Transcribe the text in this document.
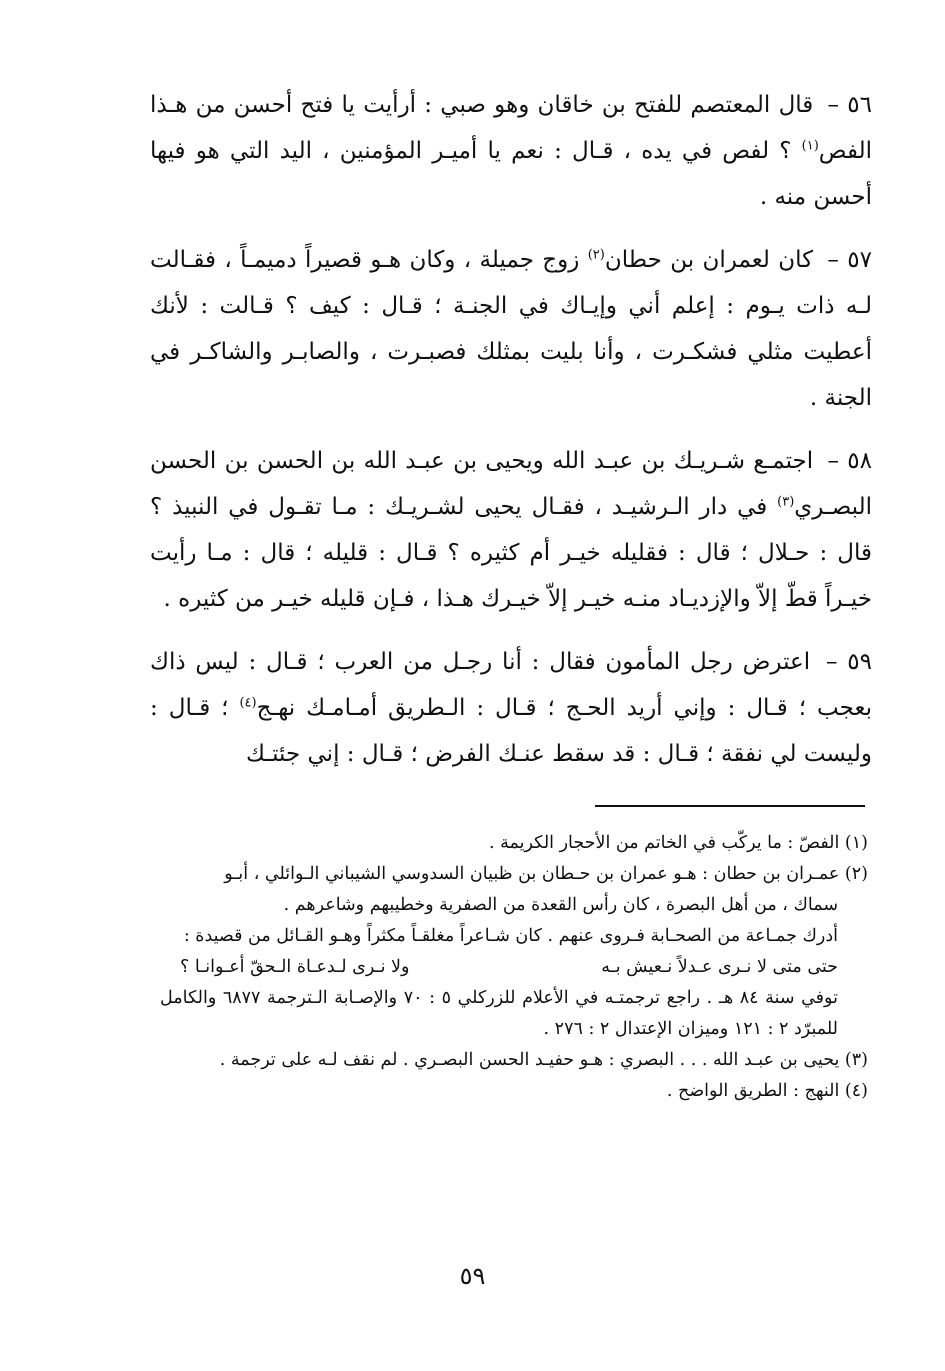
٥٦ – قال المعتصم للفتح بن خاقان وهو صبي : أرأيت يا فتح أحسن من هـذا الفص$^{(١)}$ ؟ لفص في يده ، قـال : نعم يا أميـر المؤمنين ، اليد التي هو فيها أحسن منه .

٥٧ – كان لعمران بن حطان$^{(٢)}$ زوج جميلة ، وكان هـو قصيراً دميمـاً ، فقـالت لـه ذات يـوم : إعلم أني وإيـاك في الجنـة ؛ قـال : كيف ؟ قـالت : لأنك أعطيت مثلي فشكـرت ، وأنا بليت بمثلك فصبـرت ، والصابـر والشاكـر في الجنة .

٥٨ – اجتمـع شـريـك بن عبـد الله ويحيى بن عبـد الله بن الحسن بن الحسن البصـري$^{(٣)}$ في دار الـرشيـد ، فقـال يحيى لشـريـك : مـا تقـول في النبيذ ؟ قال : حـلال ؛ قال : فقليله خيـر أم كثيره ؟ قـال : قليله ؛ قال : مـا رأيت خيـراً قطّ إلاّ والإزديـاد منـه خيـر إلاّ خيـرك هـذا ، فـإن قليله خيـر من كثيره .

٥٩ – اعترض رجل المأمون فقال : أنا رجـل من العرب ؛ قـال : ليس ذاك بعجب ؛ قـال : وإني أريد الحـج ؛ قـال : الـطريق أمـامـك نهـج$^{(٤)}$ ؛ قـال : وليست لي نفقة ؛ قـال : قد سقط عنـك الفرض ؛ قـال : إني جئتـك

(١) الفصّ : ما يركّب في الخاتم من الأحجار الكريمة .

(٢) عمـران بن حطان : هـو عمران بن حـطان بن ظبيان السدوسي الشيباني الـوائلي ، أبـو
سماك ، من أهل البصرة ، كان رأس القعدة من الصفرية وخطيبهم وشاعرهم .
أدرك جمـاعة من الصحـابة فـروى عنهم . كان شـاعراً مغلقـاً مكثراً وهـو القـائل من قصيدة :

حتى متى لا نـرى عـدلاً نـعيش بـه
ولا نـرى لـدعـاة الـحقّ أعـوانـا ؟

توفي سنة ٨٤ هـ . راجع ترجمتـه في الأعلام للزركلي ٥ : ٧٠ والإصـابة الـترجمة ٦٨٧٧ والكامل للمبرّد ٢ : ١٢١ وميزان الإعتدال ٢ : ٢٧٦ .

(٣) يحيى بن عبـد الله . . . البصري : هـو حفيـد الحسن البصـري . لم نقف لـه على ترجمة .

(٤) النهج : الطريق الواضح .

٥٩
